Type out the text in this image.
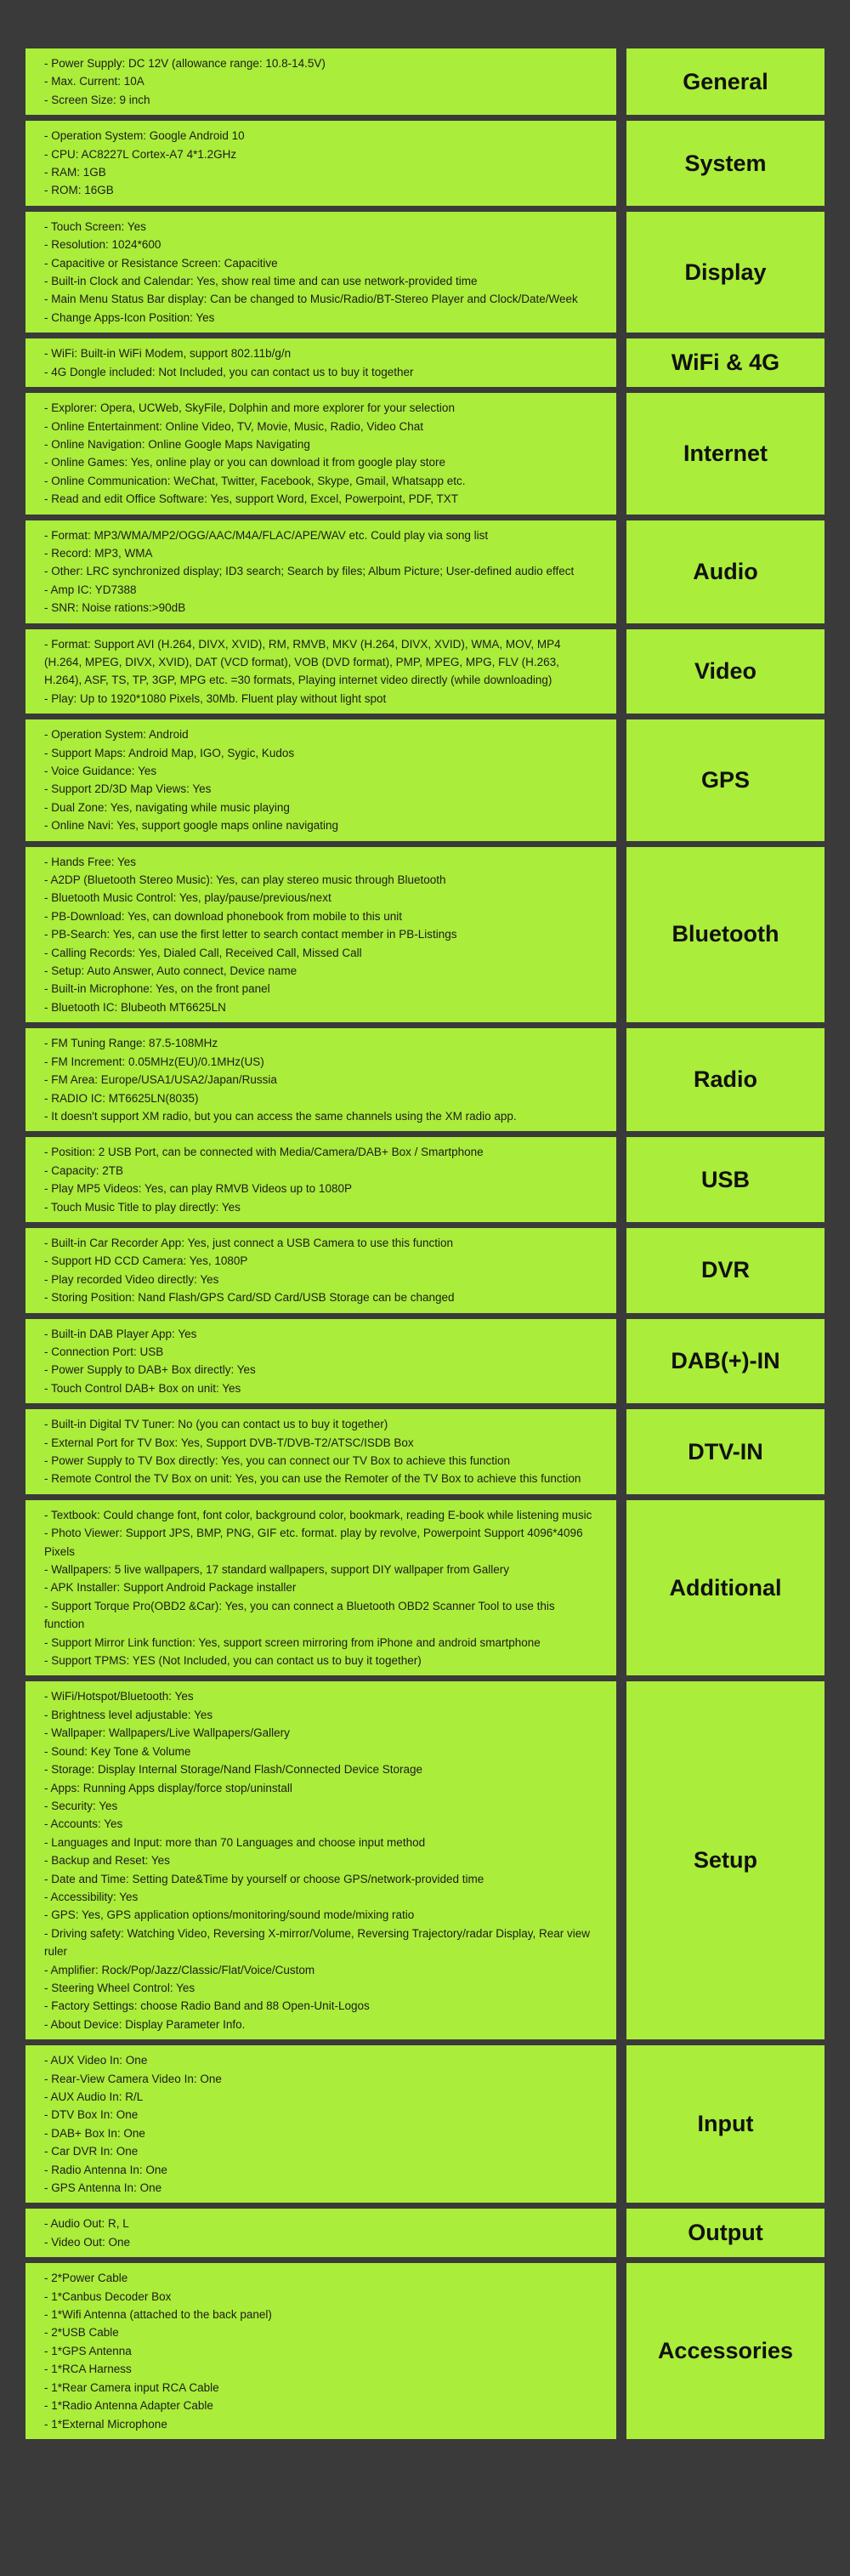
- Power Supply: DC 12V (allowance range: 10.8-14.5V)
- Max. Current: 10A
- Screen Size: 9 inch
General
- Operation System: Google Android 10
- CPU: AC8227L Cortex-A7 4*1.2GHz
- RAM: 1GB
- ROM: 16GB
System
- Touch Screen: Yes
- Resolution: 1024*600
- Capacitive or Resistance Screen: Capacitive
- Built-in Clock and Calendar: Yes, show real time and can use network-provided time
- Main Menu Status Bar display: Can be changed to Music/Radio/BT-Stereo Player and Clock/Date/Week
- Change Apps-Icon Position: Yes
Display
- WiFi: Built-in WiFi Modem, support 802.11b/g/n
- 4G Dongle included: Not Included, you can contact us to buy it together	WiFi & 4G
- Explorer: Opera, UCWeb, SkyFile, Dolphin and more explorer for your selection
- Online Entertainment: Online Video, TV, Movie, Music, Radio, Video Chat
- Online Navigation: Online Google Maps Navigating
- Online Games: Yes, online play or you can download it from google play store
- Online Communication: WeChat, Twitter, Facebook, Skype, Gmail, Whatsapp etc.
- Read and edit Office Software: Yes, support Word, Excel, Powerpoint, PDF, TXT
Internet
- Format: MP3/WMA/MP2/OGG/AAC/M4A/FLAC/APE/WAV etc. Could play via song list
- Record: MP3, WMA
- Other: LRC synchronized display; ID3 search; Search by files; Album Picture; User-defined audio effect
- Amp IC: YD7388
- SNR: Noise rations:>90dB
Audio
- Format: Support AVI (H.264, DIVX, XVID), RM, RMVB, MKV (H.264, DIVX, XVID), WMA, MOV, MP4
(H.264, MPEG, DIVX, XVID), DAT (VCD format), VOB (DVD format), PMP, MPEG, MPG, FLV (H.263,
H.264), ASF, TS, TP, 3GP, MPG etc. =30 formats, Playing internet video directly (while downloading)
- Play: Up to 1920*1080 Pixels, 30Mb. Fluent play without light spot
Video
- Operation System: Android
- Support Maps: Android Map, IGO, Sygic, Kudos
- Voice Guidance: Yes
- Support 2D/3D Map Views: Yes
- Dual Zone: Yes, navigating while music playing
- Online Navi: Yes, support google maps online navigating
GPS
- Hands Free: Yes
- A2DP (Bluetooth Stereo Music): Yes, can play stereo music through Bluetooth
- Bluetooth Music Control: Yes, play/pause/previous/next
- PB-Download: Yes, can download phonebook from mobile to this unit
- PB-Search: Yes, can use the first letter to search contact member in PB-Listings
- Calling Records: Yes, Dialed Call, Received Call, Missed Call
- Setup: Auto Answer, Auto connect, Device name
- Built-in Microphone: Yes, on the front panel
- Bluetooth IC: Blubeoth MT6625LN
Bluetooth
- FM Tuning Range: 87.5-108MHz
- FM Increment: 0.05MHz(EU)/0.1MHz(US)
- FM Area: Europe/USA1/USA2/Japan/Russia
- RADIO IC: MT6625LN(8035)
- It doesn't support XM radio, but you can access the same channels using the XM radio app.
Radio
- Position: 2 USB Port, can be connected with Media/Camera/DAB+ Box / Smartphone
- Capacity: 2TB
- Play MP5 Videos: Yes, can play RMVB Videos up to 1080P
- Touch Music Title to play directly: Yes
USB
- Built-in Car Recorder App: Yes, just connect a USB Camera to use this function
- Support HD CCD Camera: Yes, 1080P
- Play recorded Video directly: Yes
- Storing Position: Nand Flash/GPS Card/SD Card/USB Storage can be changed
DVR
- Built-in DAB Player App: Yes
- Connection Port: USB
- Power Supply to DAB+ Box directly: Yes
- Touch Control DAB+ Box on unit: Yes
DAB(+)-IN
- Built-in Digital TV Tuner: No (you can contact us to buy it together)
- External Port for TV Box: Yes, Support DVB-T/DVB-T2/ATSC/ISDB Box
- Power Supply to TV Box directly: Yes, you can connect our TV Box to achieve this function
- Remote Control the TV Box on unit: Yes, you can use the Remoter of the TV Box to achieve this function
DTV-IN
- Textbook: Could change font, font color, background color, bookmark, reading E-book while listening music
- Photo Viewer: Support JPS, BMP, PNG, GIF etc. format. play by revolve, Powerpoint Support 4096*4096
Pixels
- Wallpapers: 5 live wallpapers, 17 standard wallpapers, support DIY wallpaper from Gallery
- APK Installer: Support Android Package installer
- Support Torque Pro(OBD2 &Car): Yes, you can connect a Bluetooth OBD2 Scanner Tool to use this
function
- Support Mirror Link function: Yes, support screen mirroring from iPhone and android smartphone
- Support TPMS: YES (Not Included, you can contact us to buy it together)
Additional
- WiFi/Hotspot/Bluetooth: Yes
- Brightness level adjustable: Yes
- Wallpaper: Wallpapers/Live Wallpapers/Gallery
- Sound: Key Tone & Volume
- Storage: Display Internal Storage/Nand Flash/Connected Device Storage
- Apps: Running Apps display/force stop/uninstall
- Security: Yes
- Accounts: Yes
- Languages and Input: more than 70 Languages and choose input method
- Backup and Reset: Yes
- Date and Time: Setting Date&Time by yourself or choose GPS/network-provided time
- Accessibility: Yes
- GPS: Yes, GPS application options/monitoring/sound mode/mixing ratio
- Driving safety: Watching Video, Reversing X-mirror/Volume, Reversing Trajectory/radar Display, Rear view
ruler
- Amplifier: Rock/Pop/Jazz/Classic/Flat/Voice/Custom
- Steering Wheel Control: Yes
- Factory Settings: choose Radio Band and 88 Open-Unit-Logos
- About Device: Display Parameter Info.
Setup
- AUX Video In: One
- Rear-View Camera Video In: One
- AUX Audio In: R/L
- DTV Box In: One
- DAB+ Box In: One
- Car DVR In: One
- Radio Antenna In: One
- GPS Antenna In: One
Input
- Audio Out: R, L
- Video Out: One	Output
- 2*Power Cable
- 1*Canbus Decoder Box
- 1*Wifi Antenna (attached to the back panel)
- 2*USB Cable
- 1*GPS Antenna
- 1*RCA Harness
- 1*Rear Camera input RCA Cable
- 1*Radio Antenna Adapter Cable
- 1*External Microphone
Accessories
